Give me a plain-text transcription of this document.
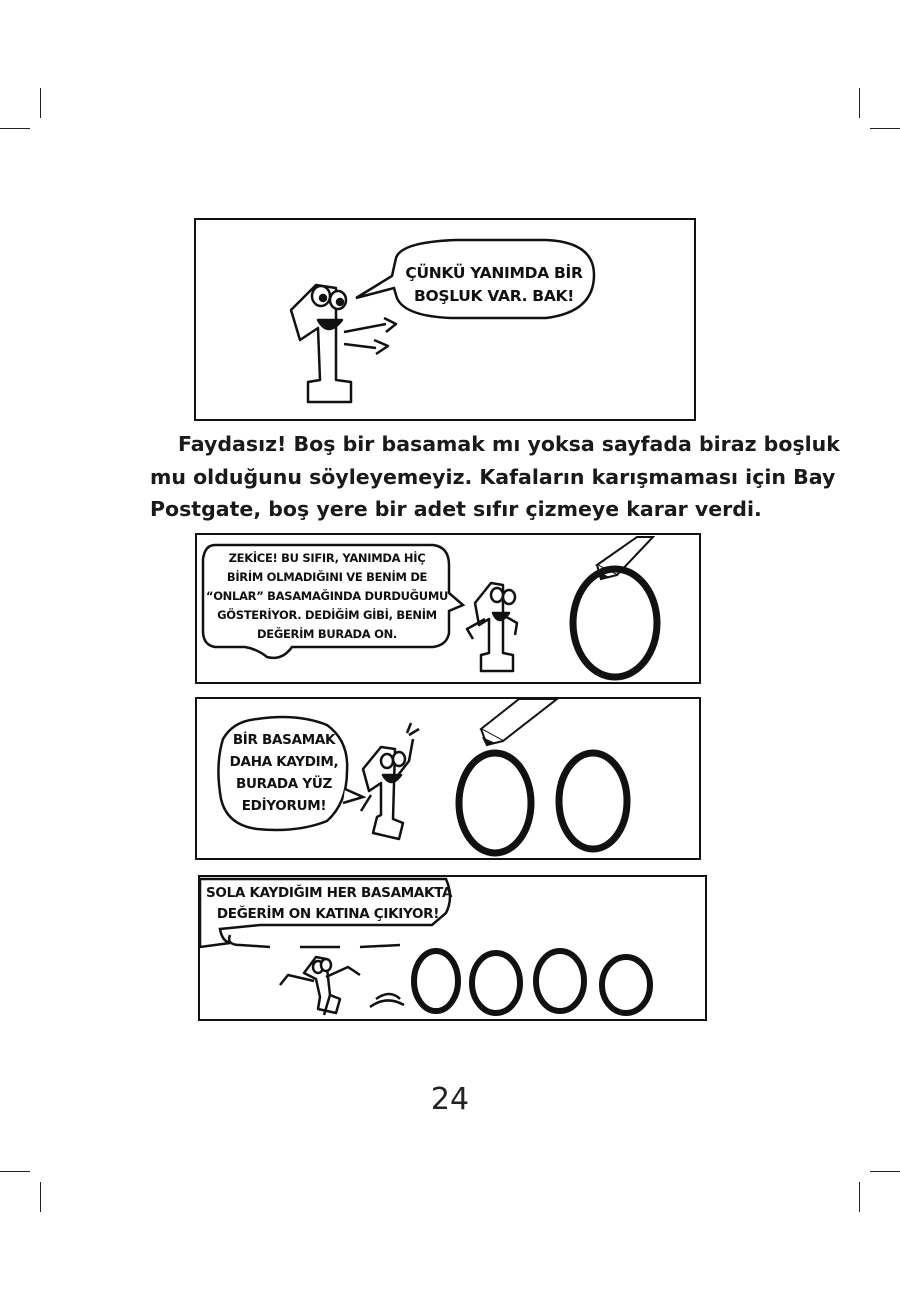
ÇÜNKÜ YANIMDA BİR
BOŞLUK VAR. BAK!
Faydasız! Boş bir basamak mı yoksa sayfada biraz boşluk
mu olduğunu söyleyemeyiz. Kafaların karışmaması için Bay
Postgate, boş yere bir adet sıfır çizmeye karar verdi.
ZEKİCE! BU SIFIR, YANIMDA HİÇ
BİRİM OLMADIĞINI VE BENİM DE
“ONLAR” BASAMAĞINDA DURDUĞUMU
GÖSTERİYOR. DEDİĞİM GİBİ, BENİM
DEĞERİM BURADA ON.
BİR BASAMAK
DAHA KAYDIM,
BURADA YÜZ
EDİYORUM!
SOLA KAYDIĞIM HER BASAMAKTA
DEĞERİM ON KATINA ÇIKIYOR!
24
